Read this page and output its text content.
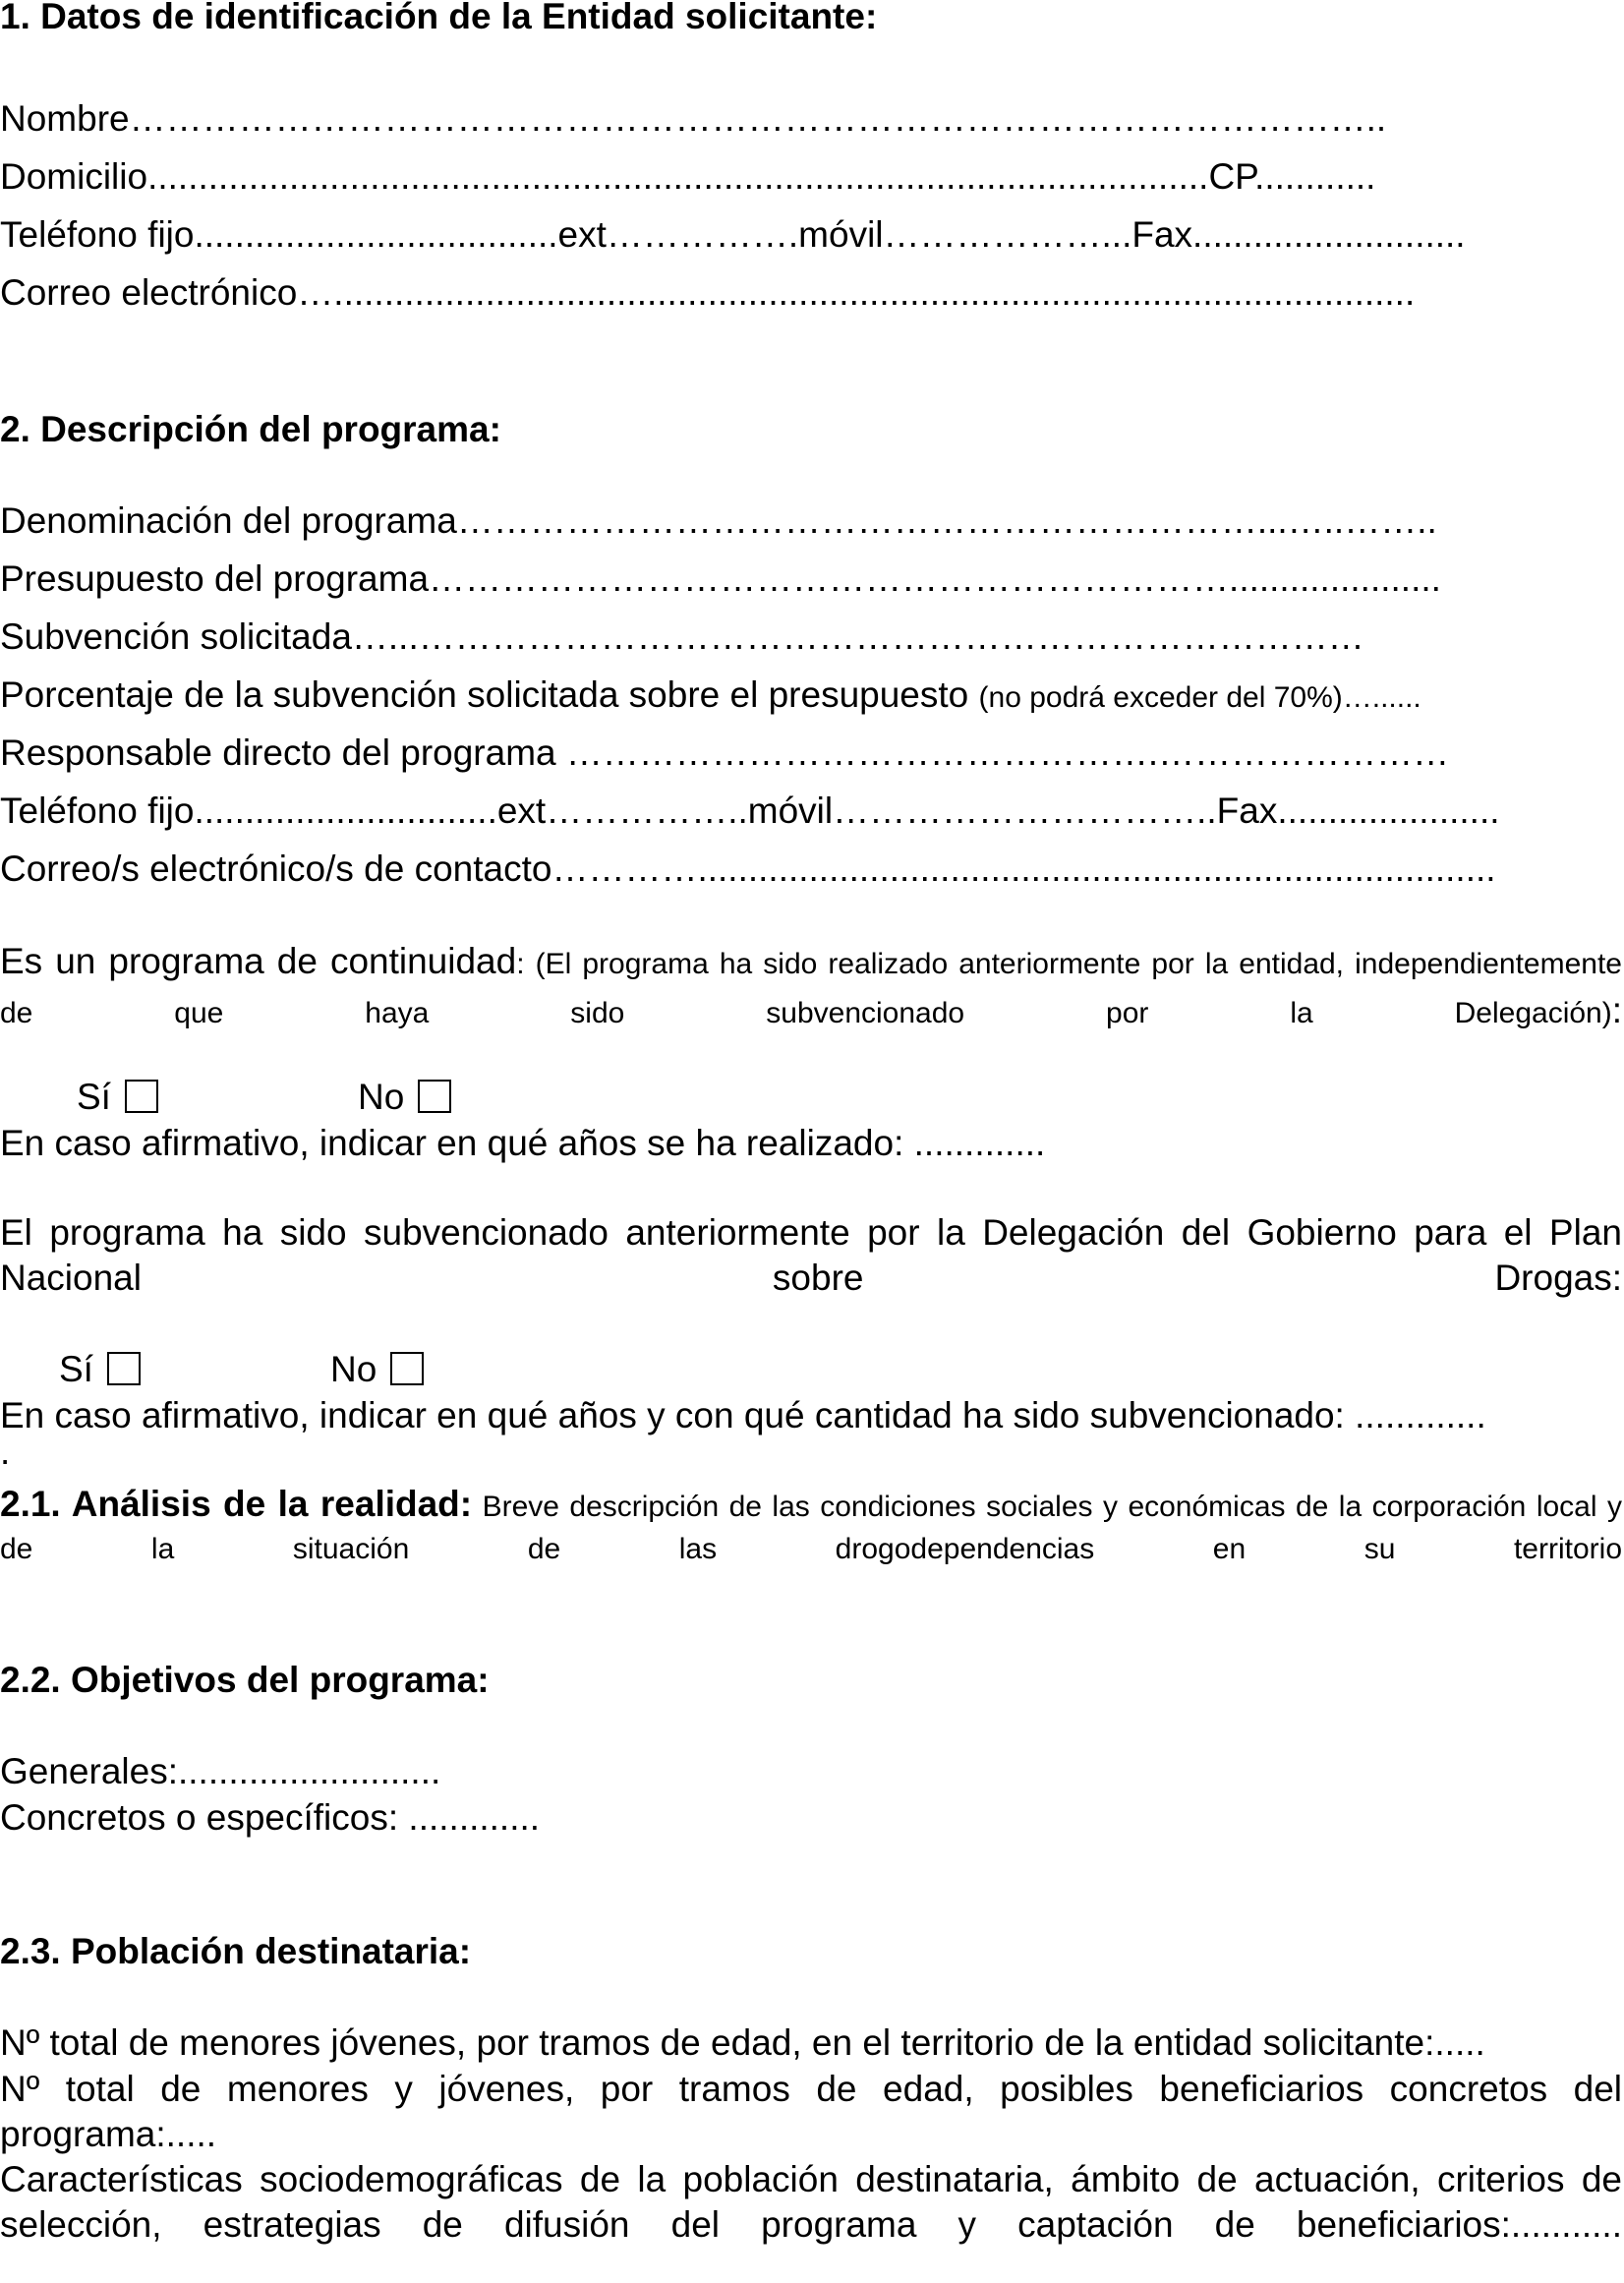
1. Datos de identificación de la Entidad solicitante:
Nombre…………………………………………………………………………………………..
Domicilio.........................................................................................................CP............
Teléfono fijo....................................ext…………….móvil………………...Fax...........................
Correo electrónico…...........................................................................................................
2. Descripción del programa:
Denominación del programa…………………………………………………………...…..……..
Presupuesto del programa………………………………………………………….....................
Subvención solicitada…...……………………………………………………………………
Porcentaje de la subvención solicitada sobre el presupuesto (no podrá exceder del 70%)…......
Responsable directo del programa ………………………………………….……………………
Teléfono fijo..............................ext……………..móvil…………………………..Fax......................
Correo/s electrónico/s de contacto…………...............................................................................
Es un programa de continuidad: (El programa ha sido realizado anteriormente por la entidad, independientemente de que haya sido subvencionado por la Delegación):
Sí	No
En caso afirmativo, indicar en qué años se ha realizado: .............
El programa ha sido subvencionado anteriormente por la Delegación del Gobierno para el Plan Nacional sobre Drogas:
Sí	No
En caso afirmativo, indicar en qué años y con qué cantidad ha sido subvencionado: .............
.
2.1. Análisis de la realidad: Breve descripción de las condiciones sociales y económicas de la corporación local y de la situación de las drogodependencias en su territorio
2.2. Objetivos del programa:
Generales:..........................
Concretos o específicos: .............
2.3. Población destinataria:
Nº total de menores jóvenes, por tramos de edad, en el territorio de la entidad solicitante:.....
Nº total de menores y jóvenes, por tramos de edad, posibles beneficiarios concretos del programa:.....
Características sociodemográficas de la población destinataria, ámbito de actuación, criterios de selección, estrategias de difusión del programa y captación de beneficiarios:...........
